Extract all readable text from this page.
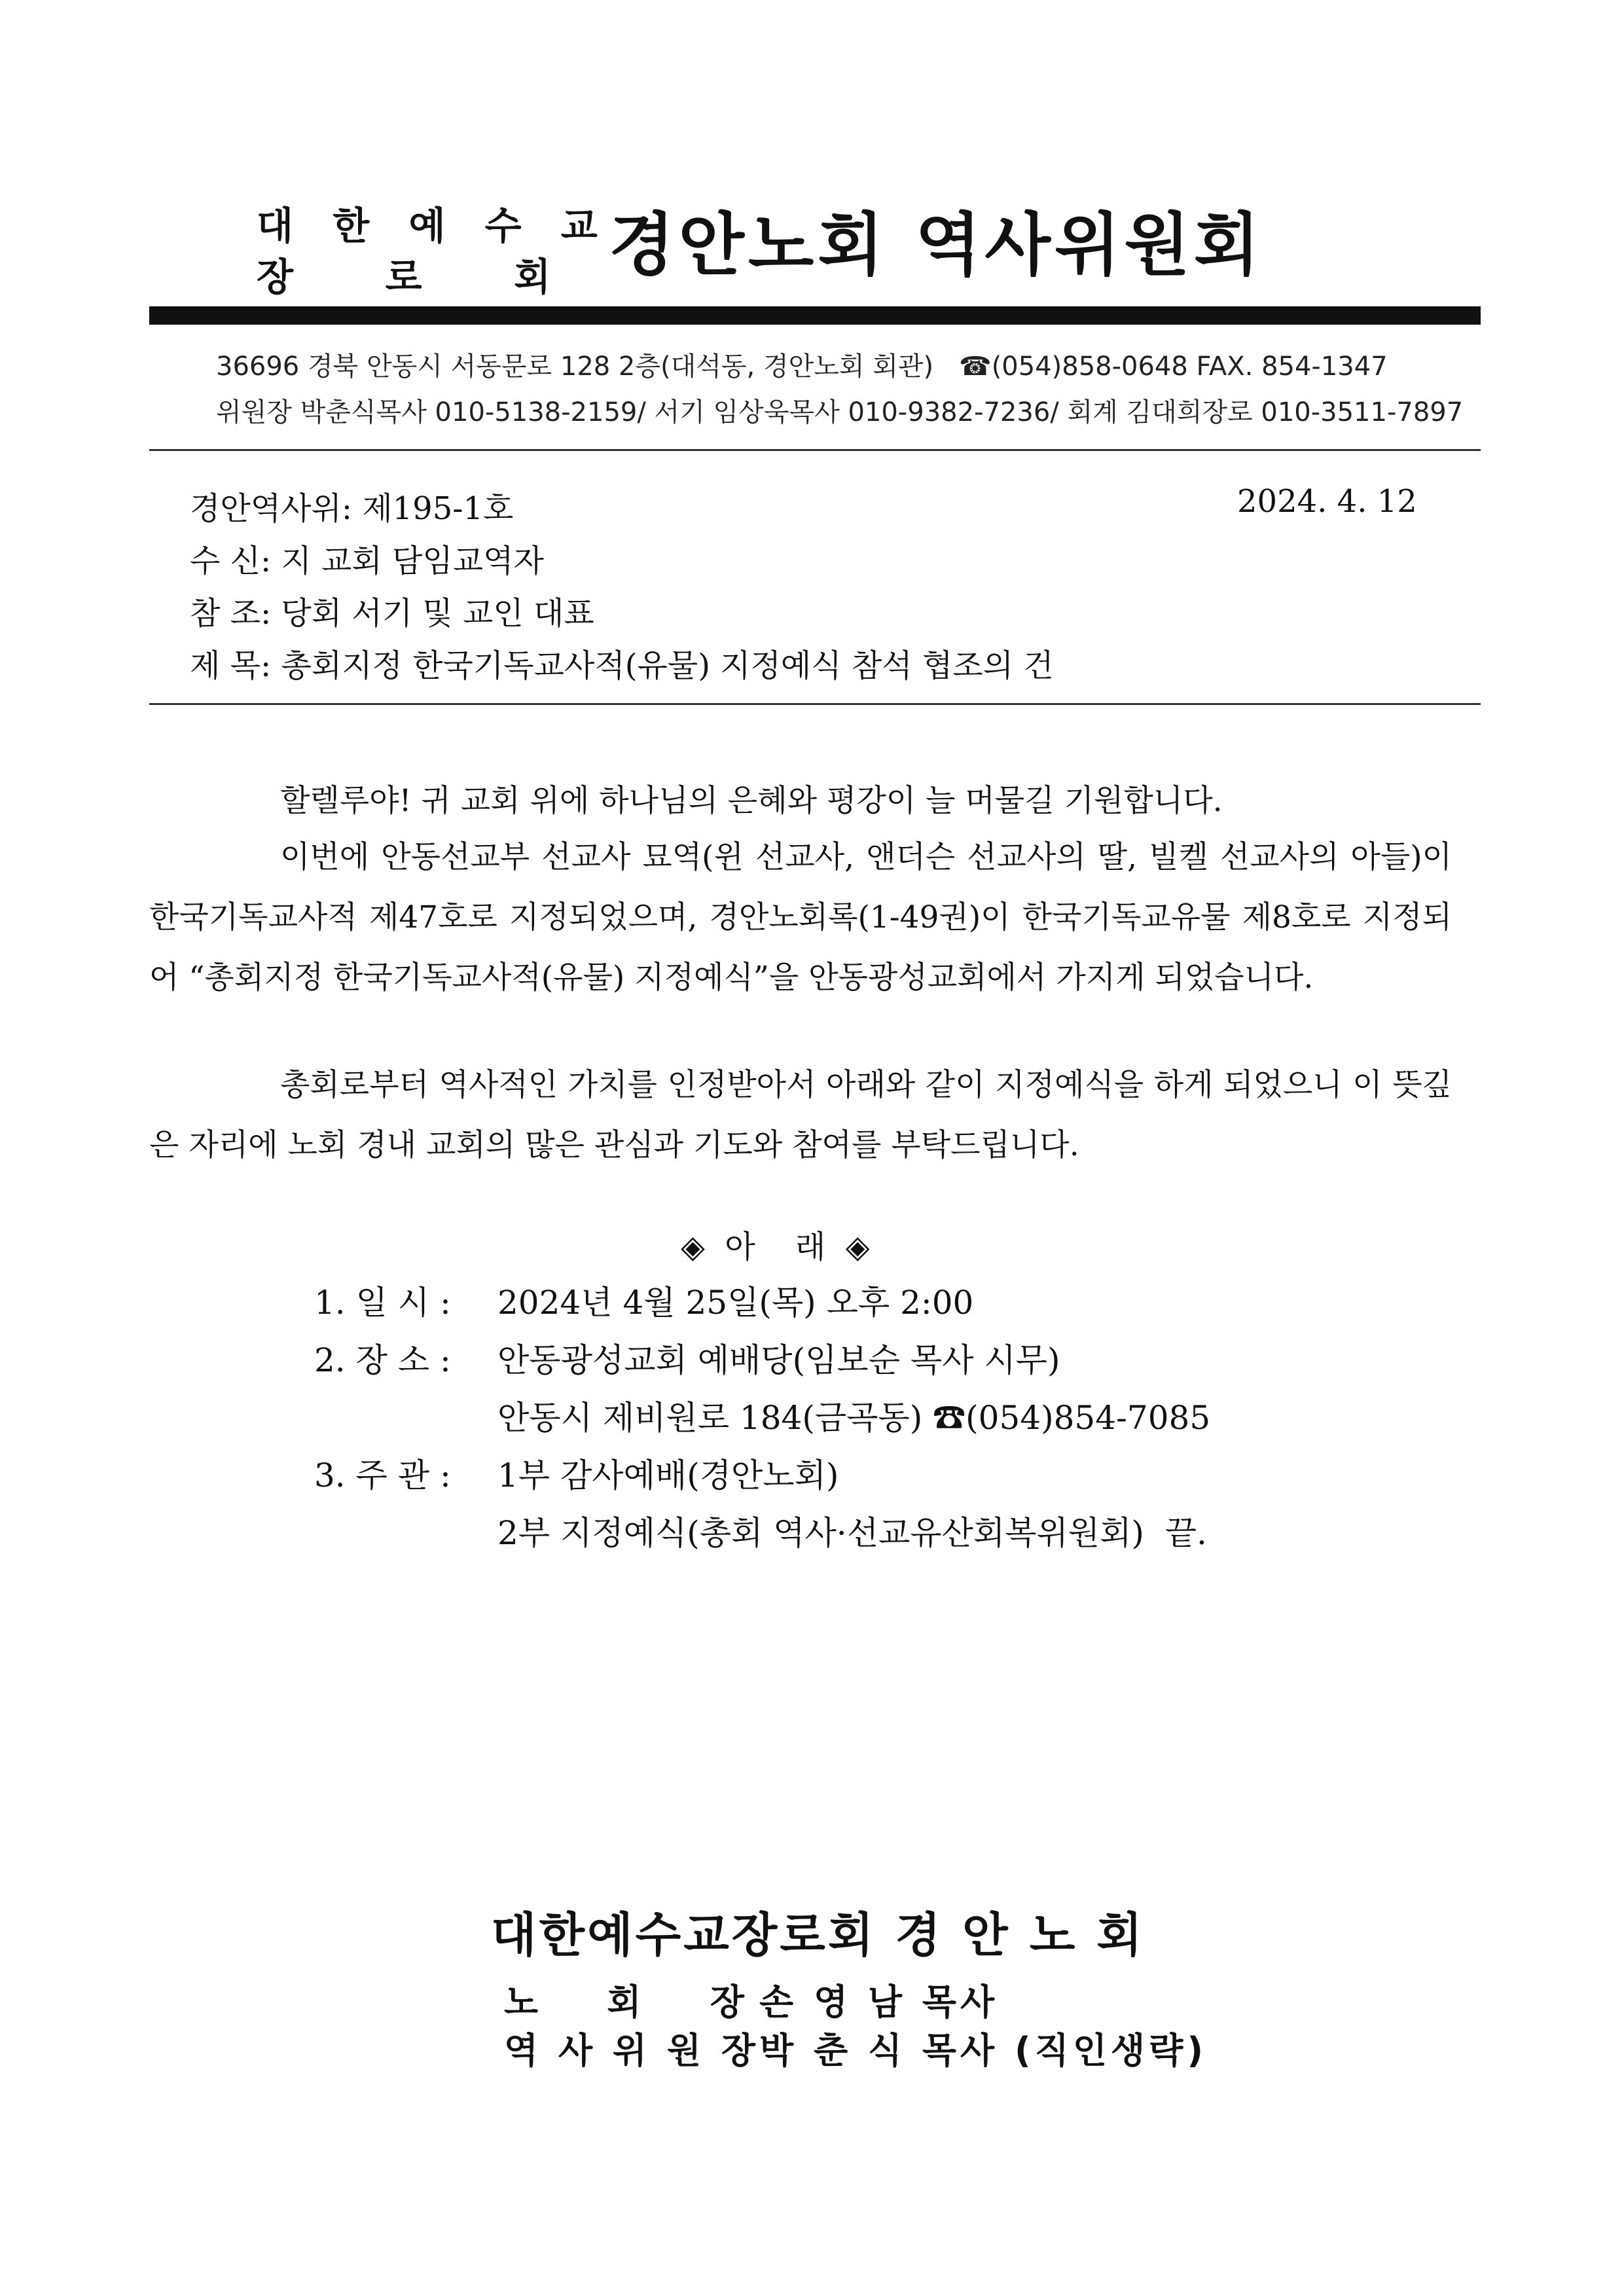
대 한 예 수 교
장   로   회 경안노회 역사위원회
36696 경북 안동시 서동문로 128 2층(대석동, 경안노회 회관) ☎(054)858-0648 FAX. 854-1347
위원장 박춘식목사 010-5138-2159/ 서기 임상욱목사 010-9382-7236/ 회계 김대희장로 010-3511-7897
경안역사위: 제195-1호	2024. 4. 12
수 신: 지 교회 담임교역자
참 조: 당회 서기 및 교인 대표
제 목: 총회지정 한국기독교사적(유물) 지정예식 참석 협조의 건
할렐루야! 귀 교회 위에 하나님의 은혜와 평강이 늘 머물길 기원합니다.
이번에 안동선교부 선교사 묘역(윈 선교사, 앤더슨 선교사의 딸, 빌켈 선교사의 아들)이 한국기독교사적 제47호로 지정되었으며, 경안노회록(1-49권)이 한국기독교유물 제8호로 지정되어 “총회지정 한국기독교사적(유물) 지정예식”을 안동광성교회에서 가지게 되었습니다.
총회로부터 역사적인 가치를 인정받아서 아래와 같이 지정예식을 하게 되었으니 이 뜻깊은 자리에 노회 경내 교회의 많은 관심과 기도와 참여를 부탁드립니다.
◈  아    래  ◈
1. 일 시 : 2024년 4월 25일(목) 오후 2:00
2. 장 소 : 안동광성교회 예배당(임보순 목사 시무)
안동시 제비원로 184(금곡동) ☎(054)854-7085
3. 주 관 : 1부 감사예배(경안노회)
2부 지정예식(총회 역사·선교유산회복위원회)  끝.
대한예수교장로회 경 안 노 회
노    회    장 손 영 남 목사
역 사 위 원 장 박 춘 식 목사 (직인생략)
